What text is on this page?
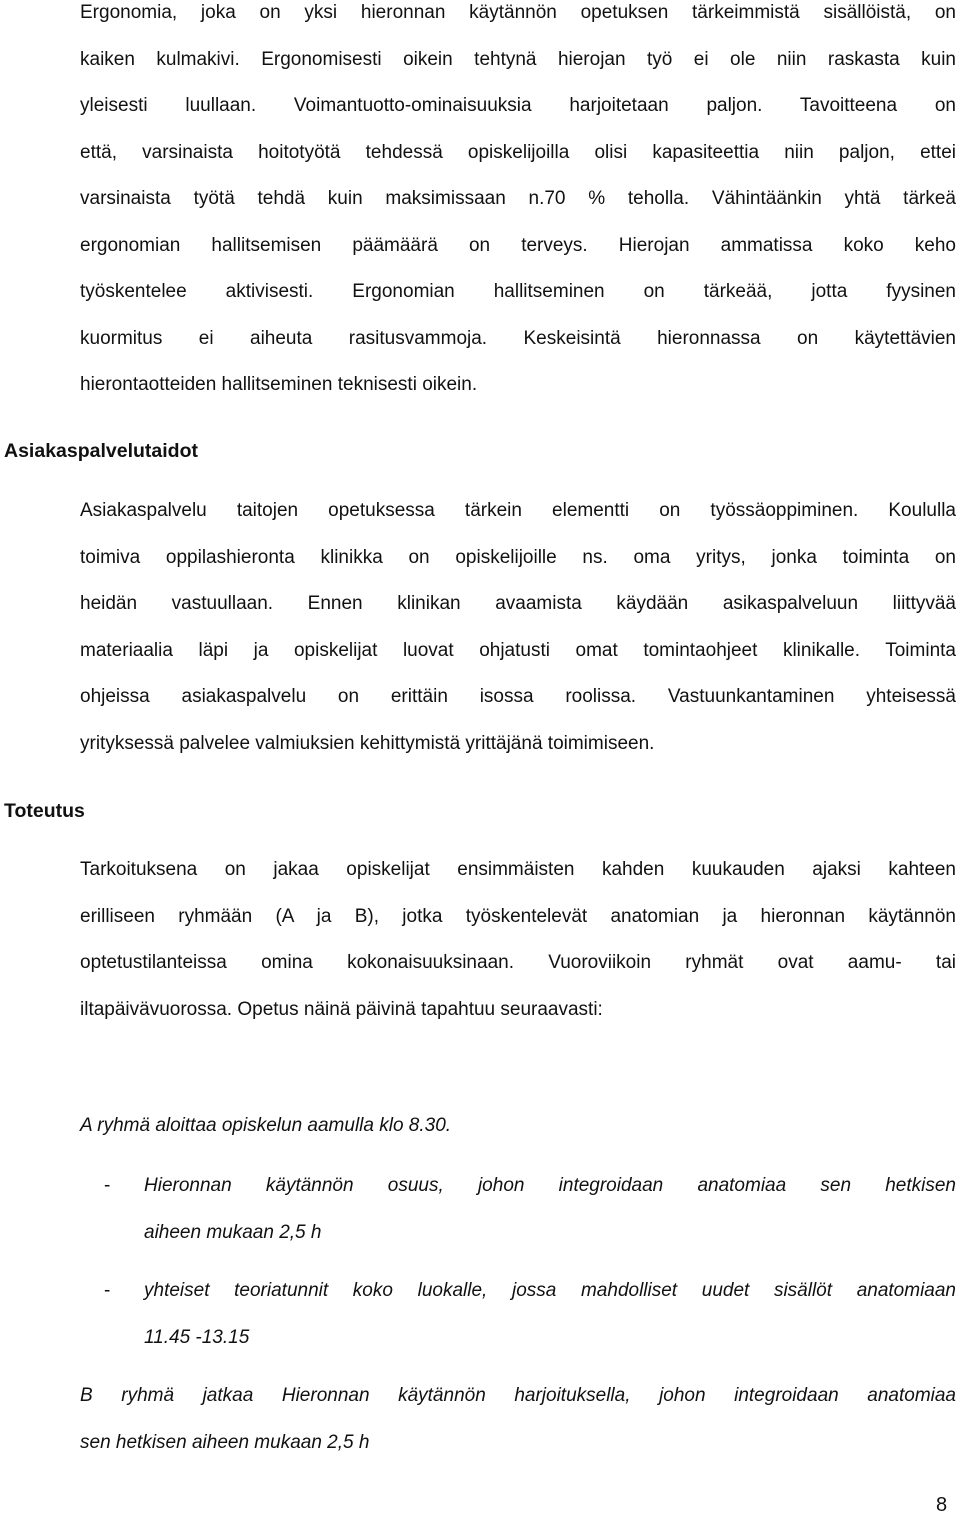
Ergonomia, joka on yksi hieronnan käytännön opetuksen tärkeimmistä sisällöistä, on
kaiken kulmakivi. Ergonomisesti oikein tehtynä hierojan työ ei ole niin raskasta kuin
yleisesti luullaan. Voimantuotto-ominaisuuksia harjoitetaan paljon. Tavoitteena on
että, varsinaista hoitotyötä tehdessä opiskelijoilla olisi kapasiteettia niin paljon, ettei
varsinaista työtä tehdä kuin maksimissaan n.70 % teholla. Vähintäänkin yhtä tärkeä
ergonomian hallitsemisen päämäärä on terveys. Hierojan ammatissa koko keho
työskentelee aktivisesti. Ergonomian hallitseminen on tärkeää, jotta fyysinen
kuormitus ei aiheuta rasitusvammoja. Keskeisintä hieronnassa on käytettävien
hierontaotteiden hallitseminen teknisesti oikein.
Asiakaspalvelutaidot
Asiakaspalvelu taitojen opetuksessa tärkein elementti on työssäoppiminen. Koululla
toimiva oppilashieronta klinikka on opiskelijoille ns. oma yritys, jonka toiminta on
heidän vastuullaan. Ennen klinikan avaamista käydään asikaspalveluun liittyvää
materiaalia läpi ja opiskelijat luovat ohjatusti omat tomintaohjeet klinikalle. Toiminta
ohjeissa asiakaspalvelu on erittäin isossa roolissa. Vastuunkantaminen yhteisessä
yrityksessä palvelee valmiuksien kehittymistä yrittäjänä toimimiseen.
Toteutus
Tarkoituksena on jakaa opiskelijat ensimmäisten kahden kuukauden ajaksi kahteen
erilliseen ryhmään (A ja B), jotka työskentelevät anatomian ja hieronnan käytännön
optetustilanteissa omina kokonaisuuksinaan. Vuoroviikoin ryhmät ovat aamu- tai
iltapäivävuorossa. Opetus näinä päivinä tapahtuu seuraavasti:
A ryhmä aloittaa opiskelun aamulla klo 8.30.
- Hieronnan käytännön osuus, johon integroidaan anatomiaa sen hetkisen
aiheen mukaan 2,5 h
- yhteiset teoriatunnit koko luokalle, jossa mahdolliset uudet sisällöt anatomiaan
11.45 -13.15
B ryhmä jatkaa Hieronnan käytännön harjoituksella, johon integroidaan anatomiaa
sen hetkisen aiheen mukaan 2,5 h
8
